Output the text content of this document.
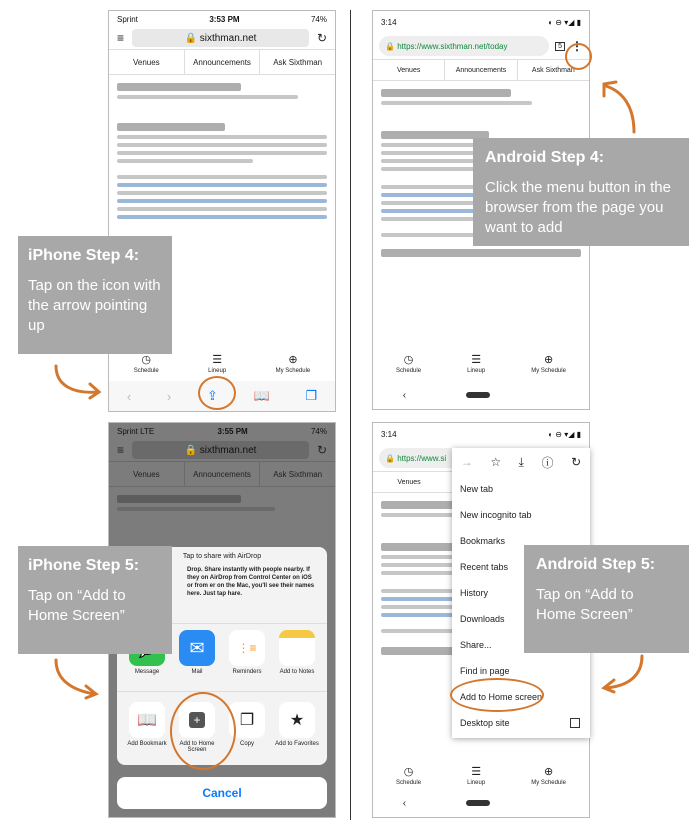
Sprint	3:53 PM	74%
≡	🔒 sixthman.net	↻
Venues	Announcements	Ask Sixthman
◷
Schedule
☰
Lineup
⊕
My Schedule
‹	›	⇪	📖	❐
iPhone Step 4:
Tap on the icon with the arrow pointing up
3:14	◐ ⊖ ▾◢ ▮
🔒 https://www.sixthman.net/today	5 ⋮
Venues	Announcements	Ask Sixthman
◷
Schedule
☰
Lineup
⊕
My Schedule
‹
Android Step 4:
Click the menu button in the browser from the page you want to add
Sprint LTE	3:55 PM	74%
≡	🔒 sixthman.net	↻
Venues	Announcements	Ask Sixthman
Tap to share with AirDrop
Drop. Share instantly with people nearby. If they on AirDrop from Control Center on iOS or from er on the Mac, you'll see their names here. Just tap hare.
Message
✉
Mail
⋮≡
Reminders	Add to Notes
📖
Add Bookmark
+
Add to Home Screen
❐
Copy
★
Add to Favorites
Cancel
iPhone Step 5:
Tap on “Add to Home Screen”
3:14	◐ ⊖ ▾◢ ▮
🔒 https://www.si
Venues
◷
Schedule
☰
Lineup
⊕
My Schedule
‹
→ ☆ ⤓ ⓘ ↻
New tab
New incognito tab
Bookmarks
Recent tabs
History
Downloads
Share...
Find in page
Add to Home screen
Desktop site
Android Step 5:
Tap on “Add to Home Screen”
